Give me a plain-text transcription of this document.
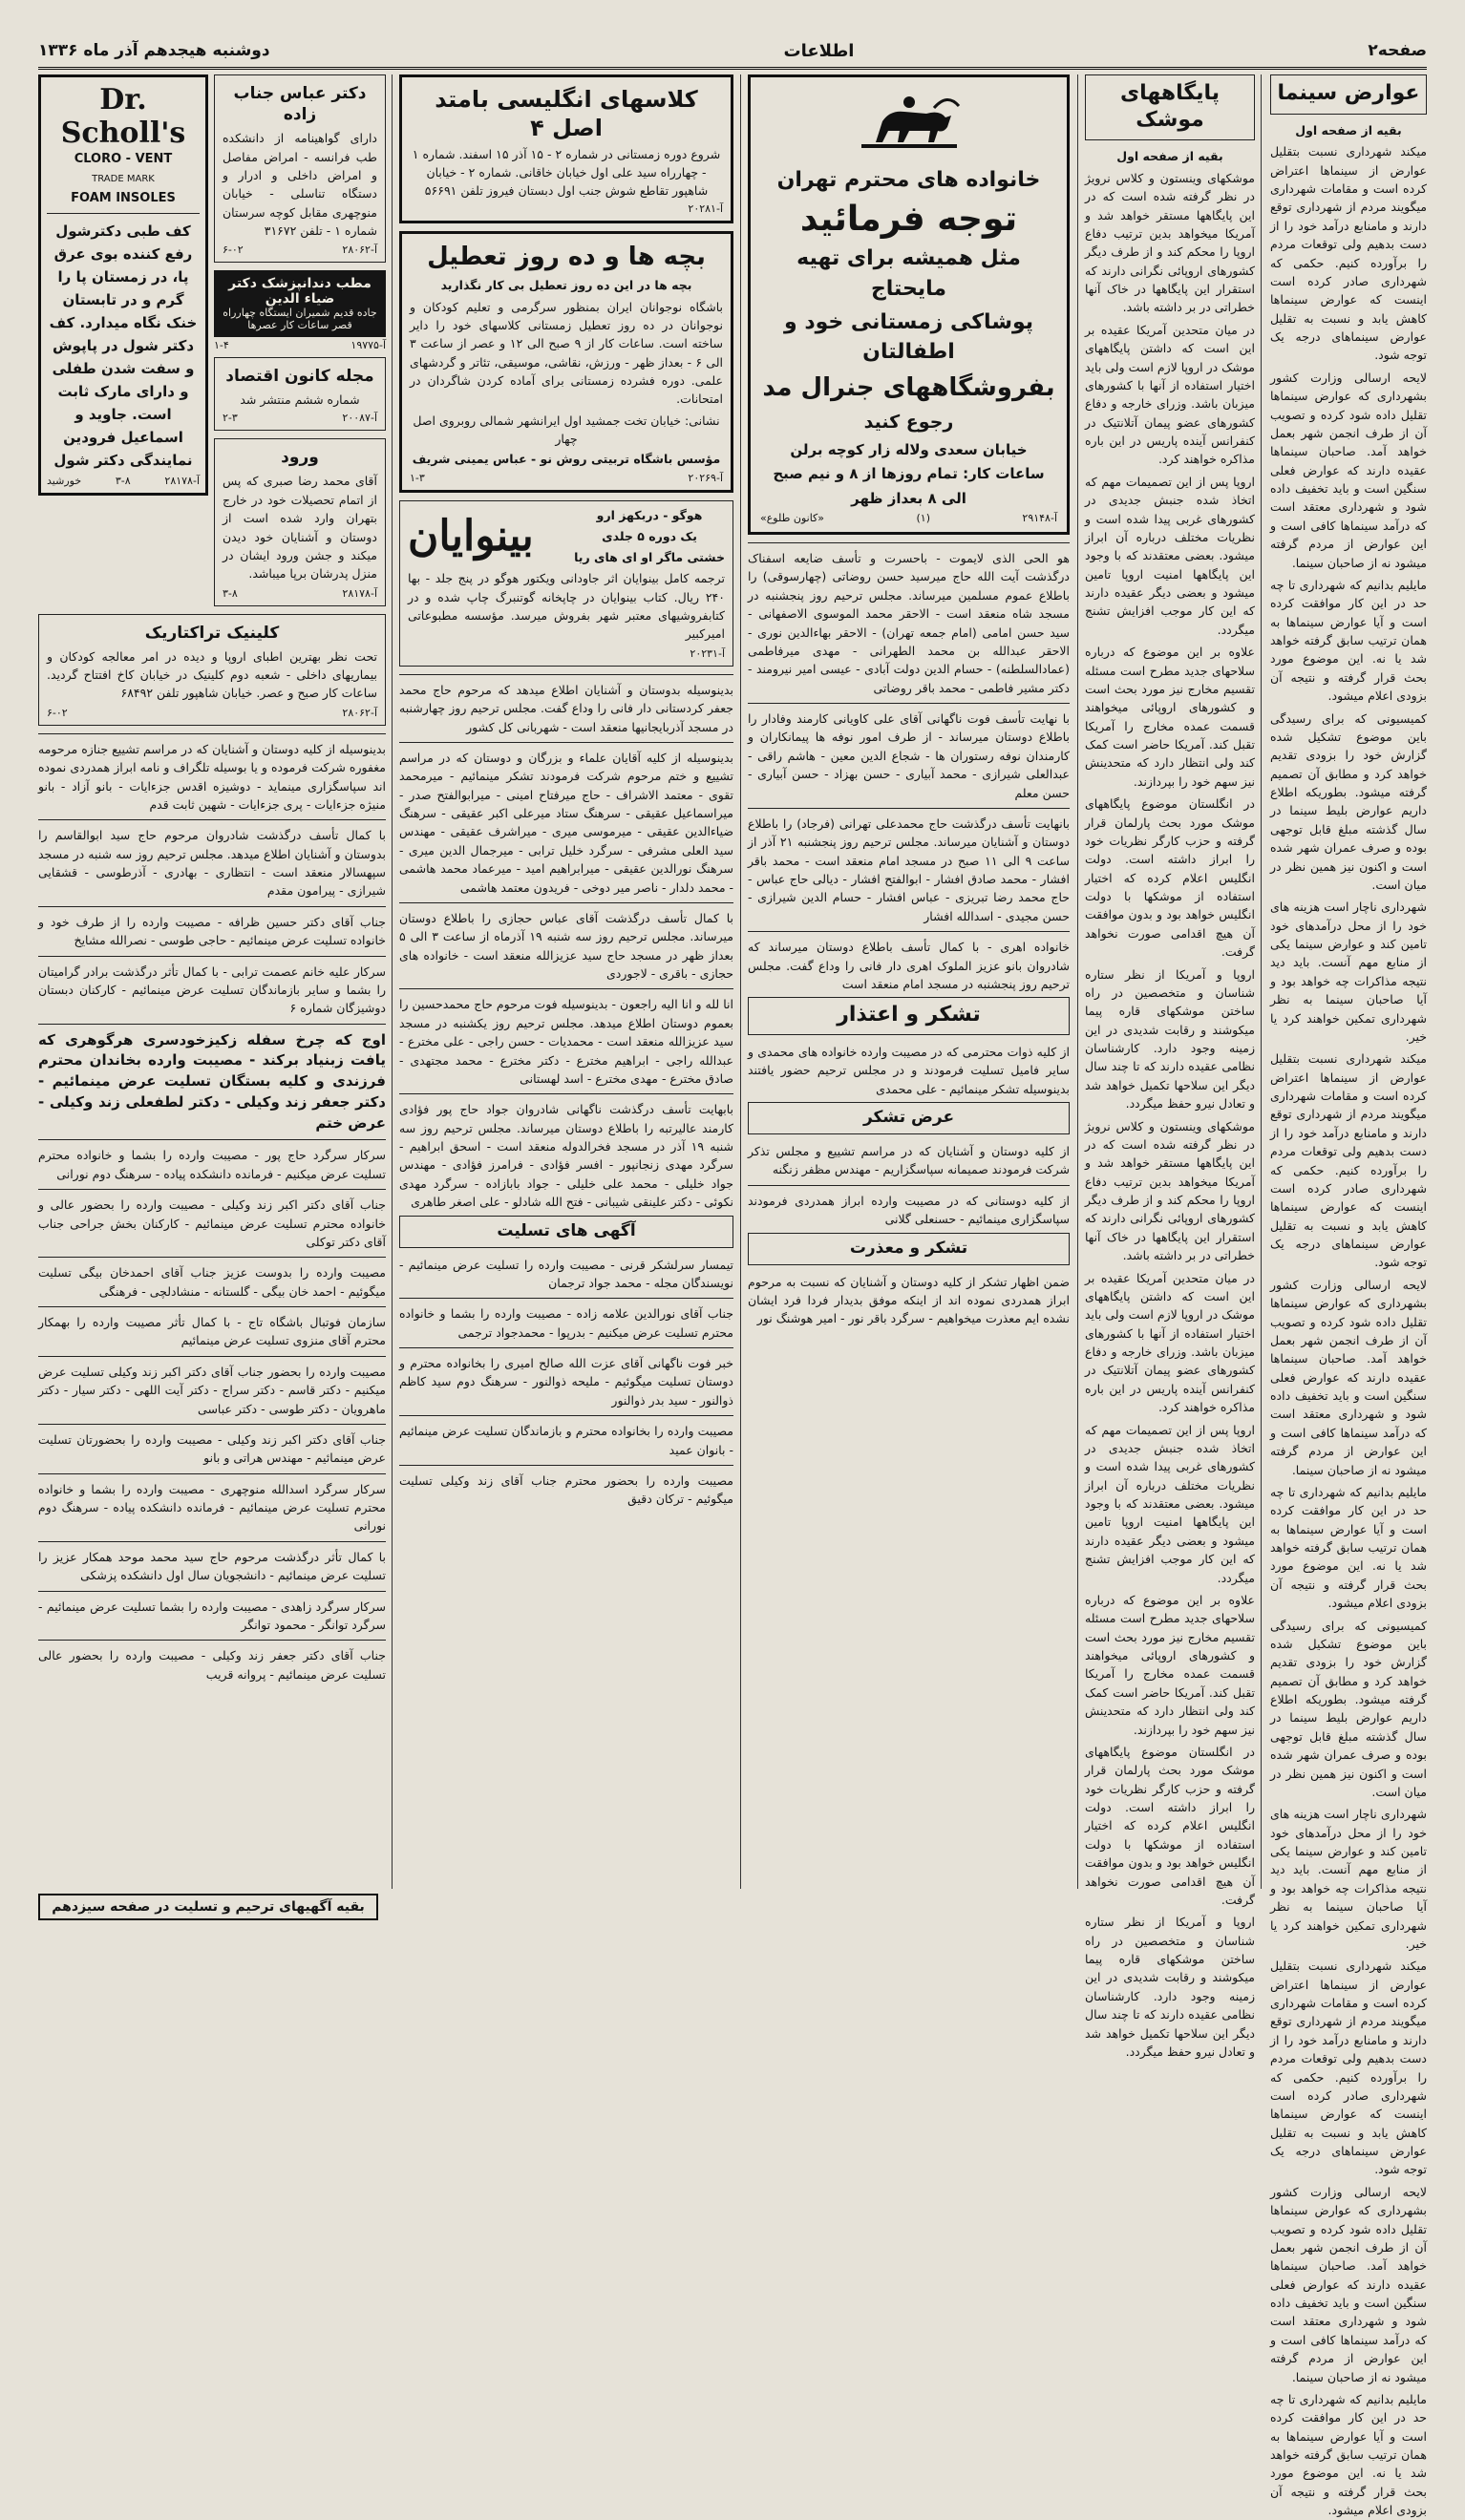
صفحه۲
اطلاعات
دوشنبه هیجدهم آذر ماه ۱۳۳۶
عوارض سینما
بقیه از صفحه اول

میکند شهرداری نسبت بتقلیل عوارض از سینماها اعتراض کرده است و مقامات شهرداری میگویند مردم از شهرداری توقع دارند و مامنابع درآمد خود را از دست بدهیم ولی توقعات مردم را برآورده کنیم. حکمی که شهرداری صادر کرده است اینست که عوارض سینماها کاهش یابد و نسبت به تقلیل عوارض سینماهای درجه یک توجه شود.

لایحه ارسالی وزارت کشور بشهرداری که عوارض سینماها تقلیل داده شود کرده و تصویب آن از طرف انجمن شهر بعمل خواهد آمد. صاحبان سینماها عقیده دارند که عوارض فعلی سنگین است و باید تخفیف داده شود و شهرداری معتقد است که درآمد سینماها کافی است و این عوارض از مردم گرفته میشود نه از صاحبان سینما.

مایلیم بدانیم که شهرداری تا چه حد در این کار موافقت کرده است و آیا عوارض سینماها به همان ترتیب سابق گرفته خواهد شد یا نه. این موضوع مورد بحث قرار گرفته و نتیجه آن بزودی اعلام میشود.

کمیسیونی که برای رسیدگی باین موضوع تشکیل شده گزارش خود را بزودی تقدیم خواهد کرد و مطابق آن تصمیم گرفته میشود. بطوریکه اطلاع داریم عوارض بلیط سینما در سال گذشته مبلغ قابل توجهی بوده و صرف عمران شهر شده است و اکنون نیز همین نظر در میان است.

شهرداری ناچار است هزینه های خود را از محل درآمدهای خود تامین کند و عوارض سینما یکی از منابع مهم آنست. باید دید نتیجه مذاکرات چه خواهد بود و آیا صاحبان سینما به نظر شهرداری تمکین خواهند کرد یا خیر.

میکند شهرداری نسبت بتقلیل عوارض از سینماها اعتراض کرده است و مقامات شهرداری میگویند مردم از شهرداری توقع دارند و مامنابع درآمد خود را از دست بدهیم ولی توقعات مردم را برآورده کنیم. حکمی که شهرداری صادر کرده است اینست که عوارض سینماها کاهش یابد و نسبت به تقلیل عوارض سینماهای درجه یک توجه شود.

لایحه ارسالی وزارت کشور بشهرداری که عوارض سینماها تقلیل داده شود کرده و تصویب آن از طرف انجمن شهر بعمل خواهد آمد. صاحبان سینماها عقیده دارند که عوارض فعلی سنگین است و باید تخفیف داده شود و شهرداری معتقد است که درآمد سینماها کافی است و این عوارض از مردم گرفته میشود نه از صاحبان سینما.

مایلیم بدانیم که شهرداری تا چه حد در این کار موافقت کرده است و آیا عوارض سینماها به همان ترتیب سابق گرفته خواهد شد یا نه. این موضوع مورد بحث قرار گرفته و نتیجه آن بزودی اعلام میشود.

کمیسیونی که برای رسیدگی باین موضوع تشکیل شده گزارش خود را بزودی تقدیم خواهد کرد و مطابق آن تصمیم گرفته میشود. بطوریکه اطلاع داریم عوارض بلیط سینما در سال گذشته مبلغ قابل توجهی بوده و صرف عمران شهر شده است و اکنون نیز همین نظر در میان است.

شهرداری ناچار است هزینه های خود را از محل درآمدهای خود تامین کند و عوارض سینما یکی از منابع مهم آنست. باید دید نتیجه مذاکرات چه خواهد بود و آیا صاحبان سینما به نظر شهرداری تمکین خواهند کرد یا خیر.

میکند شهرداری نسبت بتقلیل عوارض از سینماها اعتراض کرده است و مقامات شهرداری میگویند مردم از شهرداری توقع دارند و مامنابع درآمد خود را از دست بدهیم ولی توقعات مردم را برآورده کنیم. حکمی که شهرداری صادر کرده است اینست که عوارض سینماها کاهش یابد و نسبت به تقلیل عوارض سینماهای درجه یک توجه شود.

لایحه ارسالی وزارت کشور بشهرداری که عوارض سینماها تقلیل داده شود کرده و تصویب آن از طرف انجمن شهر بعمل خواهد آمد. صاحبان سینماها عقیده دارند که عوارض فعلی سنگین است و باید تخفیف داده شود و شهرداری معتقد است که درآمد سینماها کافی است و این عوارض از مردم گرفته میشود نه از صاحبان سینما.

مایلیم بدانیم که شهرداری تا چه حد در این کار موافقت کرده است و آیا عوارض سینماها به همان ترتیب سابق گرفته خواهد شد یا نه. این موضوع مورد بحث قرار گرفته و نتیجه آن بزودی اعلام میشود.

پایگاههای موشک
بقیه از صفحه اول

موشکهای وینستون و کلاس نرویژ در نظر گرفته شده است که در این پایگاهها مستقر خواهد شد و آمریکا میخواهد بدین ترتیب دفاع اروپا را محکم کند و از طرف دیگر کشورهای اروپائی نگرانی دارند که استقرار این پایگاهها در خاک آنها خطراتی در بر داشته باشد.

در میان متحدین آمریکا عقیده بر این است که داشتن پایگاههای موشک در اروپا لازم است ولی باید اختیار استفاده از آنها با کشورهای میزبان باشد. وزرای خارجه و دفاع کشورهای عضو پیمان آتلانتیک در کنفرانس آینده پاریس در این باره مذاکره خواهند کرد.

اروپا پس از این تصمیمات مهم که اتخاذ شده جنبش جدیدی در کشورهای غربی پیدا شده است و نظریات مختلف درباره آن ابراز میشود. بعضی معتقدند که با وجود این پایگاهها امنیت اروپا تامین میشود و بعضی دیگر عقیده دارند که این کار موجب افزایش تشنج میگردد.

علاوه بر این موضوع که درباره سلاحهای جدید مطرح است مسئله تقسیم مخارج نیز مورد بحث است و کشورهای اروپائی میخواهند قسمت عمده مخارج را آمریکا تقبل کند. آمریکا حاضر است کمک کند ولی انتظار دارد که متحدینش نیز سهم خود را بپردازند.

در انگلستان موضوع پایگاههای موشک مورد بحث پارلمان قرار گرفته و حزب کارگر نظریات خود را ابراز داشته است. دولت انگلیس اعلام کرده که اختیار استفاده از موشکها با دولت انگلیس خواهد بود و بدون موافقت آن هیچ اقدامی صورت نخواهد گرفت.

اروپا و آمریکا از نظر ستاره شناسان و متخصصین در راه ساختن موشکهای قاره پیما میکوشند و رقابت شدیدی در این زمینه وجود دارد. کارشناسان نظامی عقیده دارند که تا چند سال دیگر این سلاحها تکمیل خواهد شد و تعادل نیرو حفظ میگردد.

موشکهای وینستون و کلاس نرویژ در نظر گرفته شده است که در این پایگاهها مستقر خواهد شد و آمریکا میخواهد بدین ترتیب دفاع اروپا را محکم کند و از طرف دیگر کشورهای اروپائی نگرانی دارند که استقرار این پایگاهها در خاک آنها خطراتی در بر داشته باشد.

در میان متحدین آمریکا عقیده بر این است که داشتن پایگاههای موشک در اروپا لازم است ولی باید اختیار استفاده از آنها با کشورهای میزبان باشد. وزرای خارجه و دفاع کشورهای عضو پیمان آتلانتیک در کنفرانس آینده پاریس در این باره مذاکره خواهند کرد.

اروپا پس از این تصمیمات مهم که اتخاذ شده جنبش جدیدی در کشورهای غربی پیدا شده است و نظریات مختلف درباره آن ابراز میشود. بعضی معتقدند که با وجود این پایگاهها امنیت اروپا تامین میشود و بعضی دیگر عقیده دارند که این کار موجب افزایش تشنج میگردد.

علاوه بر این موضوع که درباره سلاحهای جدید مطرح است مسئله تقسیم مخارج نیز مورد بحث است و کشورهای اروپائی میخواهند قسمت عمده مخارج را آمریکا تقبل کند. آمریکا حاضر است کمک کند ولی انتظار دارد که متحدینش نیز سهم خود را بپردازند.

در انگلستان موضوع پایگاههای موشک مورد بحث پارلمان قرار گرفته و حزب کارگر نظریات خود را ابراز داشته است. دولت انگلیس اعلام کرده که اختیار استفاده از موشکها با دولت انگلیس خواهد بود و بدون موافقت آن هیچ اقدامی صورت نخواهد گرفت.

اروپا و آمریکا از نظر ستاره شناسان و متخصصین در راه ساختن موشکهای قاره پیما میکوشند و رقابت شدیدی در این زمینه وجود دارد. کارشناسان نظامی عقیده دارند که تا چند سال دیگر این سلاحها تکمیل خواهد شد و تعادل نیرو حفظ میگردد.

خانواده های محترم تهران
توجه فرمائید
مثل همیشه برای تهیه مایحتاج
پوشاکی زمستانی خود و اطفالتان
بفروشگاههای جنرال مد
رجوع کنید
خیابان سعدی ولاله زار کوچه برلن
ساعات کار: تمام روزها از ۸ و نیم صبح
الی ۸ بعداز ظهر
آ-۲۹۱۴۸
(۱)
«کانون طلوع»

هو الحی الذی لایموت - باحسرت و تأسف ضایعه اسفناک درگذشت آیت الله حاج میرسید حسن روضاتی (چهارسوقی) را باطلاع عموم مسلمین میرساند. مجلس ترحیم روز پنجشنبه در مسجد شاه منعقد است - الاحقر محمد الموسوی الاصفهانی - سید حسن امامی (امام جمعه تهران) - الاحقر بهاءالدین نوری - الاحقر عبدالله بن محمد الطهرانی - مهدی میرفاطمی (عمادالسلطنه) - حسام الدین دولت آبادی - عیسی امیر نیرومند - دکتر مشیر فاطمی - محمد باقر روضاتی

با نهایت تأسف فوت ناگهانی آقای علی کاویانی کارمند وفادار را باطلاع دوستان میرساند - از طرف امور نوفه ها پیمانکاران و کارمندان نوفه رستوران ها - شجاع الدین معین - هاشم راقی - عبدالعلی شیرازی - محمد آبیاری - حسن بهزاد - حسن آبیاری - حسن معلم

بانهایت تأسف درگذشت حاج محمدعلی تهرانی (فرجاد) را باطلاع دوستان و آشنایان میرساند. مجلس ترحیم روز پنجشنبه ۲۱ آذر از ساعت ۹ الی ۱۱ صبح در مسجد امام منعقد است - محمد باقر افشار - محمد صادق افشار - ابوالفتح افشار - دیالی حاج عباس - حاج محمد رضا تبریزی - عباس افشار - حسام الدین شیرازی - حسن مجیدی - اسدالله افشار

خانواده اهری - با کمال تأسف باطلاع دوستان میرساند که شادروان بانو عزیز الملوک اهری دار فانی را وداع گفت. مجلس ترحیم روز پنجشنبه در مسجد امام منعقد است

تشکر و اعتذار

از کلیه ذوات محترمی که در مصیبت وارده خانواده های محمدی و سایر فامیل تسلیت فرمودند و در مجلس ترحیم حضور یافتند بدینوسیله تشکر مینمائیم - علی محمدی

عرض تشکر

از کلیه دوستان و آشنایان که در مراسم تشییع و مجلس تذکر شرکت فرمودند صمیمانه سپاسگزاریم - مهندس مظفر زنگنه

از کلیه دوستانی که در مصیبت وارده ابراز همدردی فرمودند سپاسگزاری مینمائیم - حسنعلی گلانی

تشکر و معذرت

ضمن اظهار تشکر از کلیه دوستان و آشنایان که نسبت به مرحوم ابراز همدردی نموده اند از اینکه موفق بدیدار فردا فرد ایشان نشده ایم معذرت میخواهیم - سرگرد باقر نور - امیر هوشنگ نور

کلاسهای انگلیسی بامتد اصل ۴

شروع دوره زمستانی در شماره ۲ - ۱۵ آذر ۱۵ اسفند. شماره ۱ - چهارراه سید علی اول خیابان خاقانی. شماره ۲ - خیابان شاهپور تقاطع شوش جنب اول دبستان فیروز تلفن ۵۶۶۹۱

آ-۲۰۲۸۱
بچه ها و ده روز تعطیل
بچه ها در این ده روز تعطیل بی کار نگذارید

باشگاه نوجوانان ایران بمنظور سرگرمی و تعلیم کودکان و نوجوانان در ده روز تعطیل زمستانی کلاسهای خود را دایر ساخته است. ساعات کار از ۹ صبح الی ۱۲ و عصر از ساعت ۳ الی ۶ - بعداز ظهر - ورزش، نقاشی، موسیقی، تئاتر و گردشهای علمی. دوره فشرده زمستانی برای آماده کردن شاگردان در امتحانات.

نشانی: خیابان تخت جمشید اول ایرانشهر شمالی روبروی اصل چهار

مؤسس باشگاه تربیتی روش نو - عباس یمینی شریف
آ-۲۰۲۶۹
۱-۳
هوگو - دربکهز ارو
یک دوره ۵ جلدی
خشتی ماگر او ای های ریا
بینوایان

ترجمه کامل بینوایان اثر جاودانی ویکتور هوگو در پنج جلد - بها ۲۴۰ ریال. کتاب بینوایان در چاپخانه گوتنبرگ چاپ شده و در کتابفروشیهای معتبر شهر بفروش میرسد. مؤسسه مطبوعاتی امیرکبیر

آ-۲۰۲۳۱

بدینوسیله بدوستان و آشنایان اطلاع میدهد که مرحوم حاج محمد جعفر کردستانی دار فانی را وداع گفت. مجلس ترحیم روز چهارشنبه در مسجد آذربایجانیها منعقد است - شهربانی کل کشور

بدینوسیله از کلیه آقایان علماء و بزرگان و دوستان که در مراسم تشییع و ختم مرحوم شرکت فرمودند تشکر مینمائیم - میرمحمد تقوی - معتمد الاشراف - حاج میرفتاح امینی - میرابوالفتح صدر - میراسماعیل عقیقی - سرهنگ ستاد میرعلی اکبر عقیقی - سرهنگ ضیاءالدین عقیقی - میرموسی میری - میراشرف عقیقی - مهندس سید العلی مشرفی - سرگرد خلیل ترابی - میرجمال الدین میری - سرهنگ نورالدین عقیقی - میرابراهیم امید - میرعماد محمد هاشمی - محمد دلدار - ناصر میر دوخی - فریدون معتمد هاشمی

با کمال تأسف درگذشت آقای عباس حجازی را باطلاع دوستان میرساند. مجلس ترحیم روز سه شنبه ۱۹ آذرماه از ساعت ۳ الی ۵ بعداز ظهر در مسجد حاج سید عزیزالله منعقد است - خانواده های حجازی - باقری - لاجوردی

انا لله و انا الیه راجعون - بدینوسیله فوت مرحوم حاج محمدحسین را بعموم دوستان اطلاع میدهد. مجلس ترحیم روز یکشنبه در مسجد سید عزیزالله منعقد است - محمدیات - حسن راجی - علی مخترع - عبدالله راجی - ابراهیم مخترع - دکتر مخترع - محمد مجتهدی - صادق مخترع - مهدی مخترع - اسد لهستانی

بابهایت تأسف درگذشت ناگهانی شادروان جواد حاج پور فؤادی کارمند عالیرتبه را باطلاع دوستان میرساند. مجلس ترحیم روز سه شنبه ۱۹ آذر در مسجد فخرالدوله منعقد است - اسحق ابراهیم - سرگرد مهدی زنجانپور - افسر فؤادی - فرامرز فؤادی - مهندس جواد خلیلی - محمد علی خلیلی - جواد بابازاده - سرگرد مهدی نکوئی - دکتر علینقی شیبانی - فتح الله شادلو - علی اصغر طاهری

آگهی های تسلیت

تیمسار سرلشکر قرنی - مصیبت وارده را تسلیت عرض مینمائیم - نویسندگان مجله - محمد جواد ترجمان

جناب آقای نورالدین علامه زاده - مصیبت وارده را بشما و خانواده محترم تسلیت عرض میکنیم - بدرپوا - محمدجواد ترجمی

خبر فوت ناگهانی آقای عزت الله صالح امیری را بخانواده محترم و دوستان تسلیت میگوئیم - ملیحه ذوالنور - سرهنگ دوم سید کاظم ذوالنور - سید بدر ذوالنور

مصیبت وارده را بخانواده محترم و بازماندگان تسلیت عرض مینمائیم - بانوان عمید

مصیبت وارده را بحضور محترم جناب آقای زند وکیلی تسلیت میگوئیم - ترکان دقیق

دکتر عباس جناب زاده

دارای گواهینامه از دانشکده طب فرانسه - امراض مفاصل و امراض داخلی و ادرار و دستگاه تناسلی - خیابان منوچهری مقابل کوچه سرستان شماره ۱ - تلفن ۳۱۶۷۲

آ-۲۸۰۶۲
۶-۰۲
مطب دندانپزشک دکتر ضیاء الدین
جاده قدیم شمیران ایستگاه چهارراه قصر ساعات کار عصرها
آ-۱۹۷۷۵
۱-۴
مجله کانون اقتصاد
شماره ششم منتشر شد
آ-۲۰۰۸۷
۲-۳
ورود

آقای محمد رضا صبری که پس از اتمام تحصیلات خود در خارج بتهران وارد شده است از دوستان و آشنایان خود دیدن میکند و جشن ورود ایشان در منزل پدرشان برپا میباشد.

آ-۲۸۱۷۸
۳-۸
Dr. Scholl's
CLORO - VENT
TRADE MARK
FOAM INSOLES

کف طبی دکترشول رفع کننده بوی عرق پا، در زمستان پا را گرم و در تابستان خنک نگاه میدارد. کف دکتر شول در پاپوش و سفت شدن طفلی و دارای مارک ثابت است. جاوید و اسماعیل فرودین نمایندگی دکتر شول

آ-۲۸۱۷۸
۳-۸
خورشید
کلینیک تراکتاریک

تحت نظر بهترین اطبای اروپا و دیده در امر معالجه کودکان و بیماریهای داخلی - شعبه دوم کلینیک در خیابان کاخ افتتاح گردید. ساعات کار صبح و عصر. خیابان شاهپور تلفن ۶۸۴۹۲

آ-۲۸۰۶۲
۶-۰۲

بدینوسیله از کلیه دوستان و آشنایان که در مراسم تشییع جنازه مرحومه مغفوره شرکت فرموده و یا بوسیله تلگراف و نامه ابراز همدردی نموده اند سپاسگزاری مینماید - دوشیزه اقدس جزءایات - بانو آزاد - بانو منیژه جزءایات - پری جزءایات - شهین ثابت قدم

با کمال تأسف درگذشت شادروان مرحوم حاج سید ابوالقاسم را بدوستان و آشنایان اطلاع میدهد. مجلس ترحیم روز سه شنبه در مسجد سپهسالار منعقد است - انتظاری - بهادری - آذرطوسی - قشقایی شیرازی - پیرامون مقدم

جناب آقای دکتر حسین ظرافه - مصیبت وارده را از طرف خود و خانواده تسلیت عرض مینمائیم - حاجی طوسی - نصرالله مشایخ

سرکار علیه خانم عصمت ترابی - با کمال تأثر درگذشت برادر گرامیتان را بشما و سایر بازماندگان تسلیت عرض مینمائیم - کارکنان دبستان دوشیزگان شماره ۶

اوج که چرخ سفله زکیزخودسری هرگوهری که یافت زبنیاد برکند - مصیبت وارده بخاندان محترم فرزندی و کلیه بستگان تسلیت عرض مینمائیم - دکتر جعفر زند وکیلی - دکتر لطفعلی زند وکیلی - عرض ختم

سرکار سرگرد حاج پور - مصیبت وارده را بشما و خانواده محترم تسلیت عرض میکنیم - فرمانده دانشکده پیاده - سرهنگ دوم نورانی

جناب آقای دکتر اکبر زند وکیلی - مصیبت وارده را بحضور عالی و خانواده محترم تسلیت عرض مینمائیم - کارکنان بخش جراحی جناب آقای دکتر توکلی

مصیبت وارده را بدوست عزیز جناب آقای احمدخان بیگی تسلیت میگوئیم - احمد خان بیگی - گلستانه - منشادلچی - فرهنگی

سازمان فوتبال باشگاه تاج - با کمال تأثر مصیبت وارده را بهمکار محترم آقای منزوی تسلیت عرض مینمائیم

مصیبت وارده را بحضور جناب آقای دکتر اکبر زند وکیلی تسلیت عرض میکنیم - دکتر قاسم - دکتر سراج - دکتر آیت اللهی - دکتر سیار - دکتر ماهرویان - دکتر طوسی - دکتر عباسی

جناب آقای دکتر اکبر زند وکیلی - مصیبت وارده را بحضورتان تسلیت عرض مینمائیم - مهندس هراتی و بانو

سرکار سرگرد اسدالله منوچهری - مصیبت وارده را بشما و خانواده محترم تسلیت عرض مینمائیم - فرمانده دانشکده پیاده - سرهنگ دوم نورانی

با کمال تأثر درگذشت مرحوم حاج سید محمد موحد همکار عزیز را تسلیت عرض مینمائیم - دانشجویان سال اول دانشکده پزشکی

سرکار سرگرد زاهدی - مصیبت وارده را بشما تسلیت عرض مینمائیم - سرگرد توانگر - محمود توانگر

جناب آقای دکتر جعفر زند وکیلی - مصیبت وارده را بحضور عالی تسلیت عرض مینمائیم - پروانه قریب

بقیه آگهیهای ترحیم و تسلیت در صفحه سیزدهم
